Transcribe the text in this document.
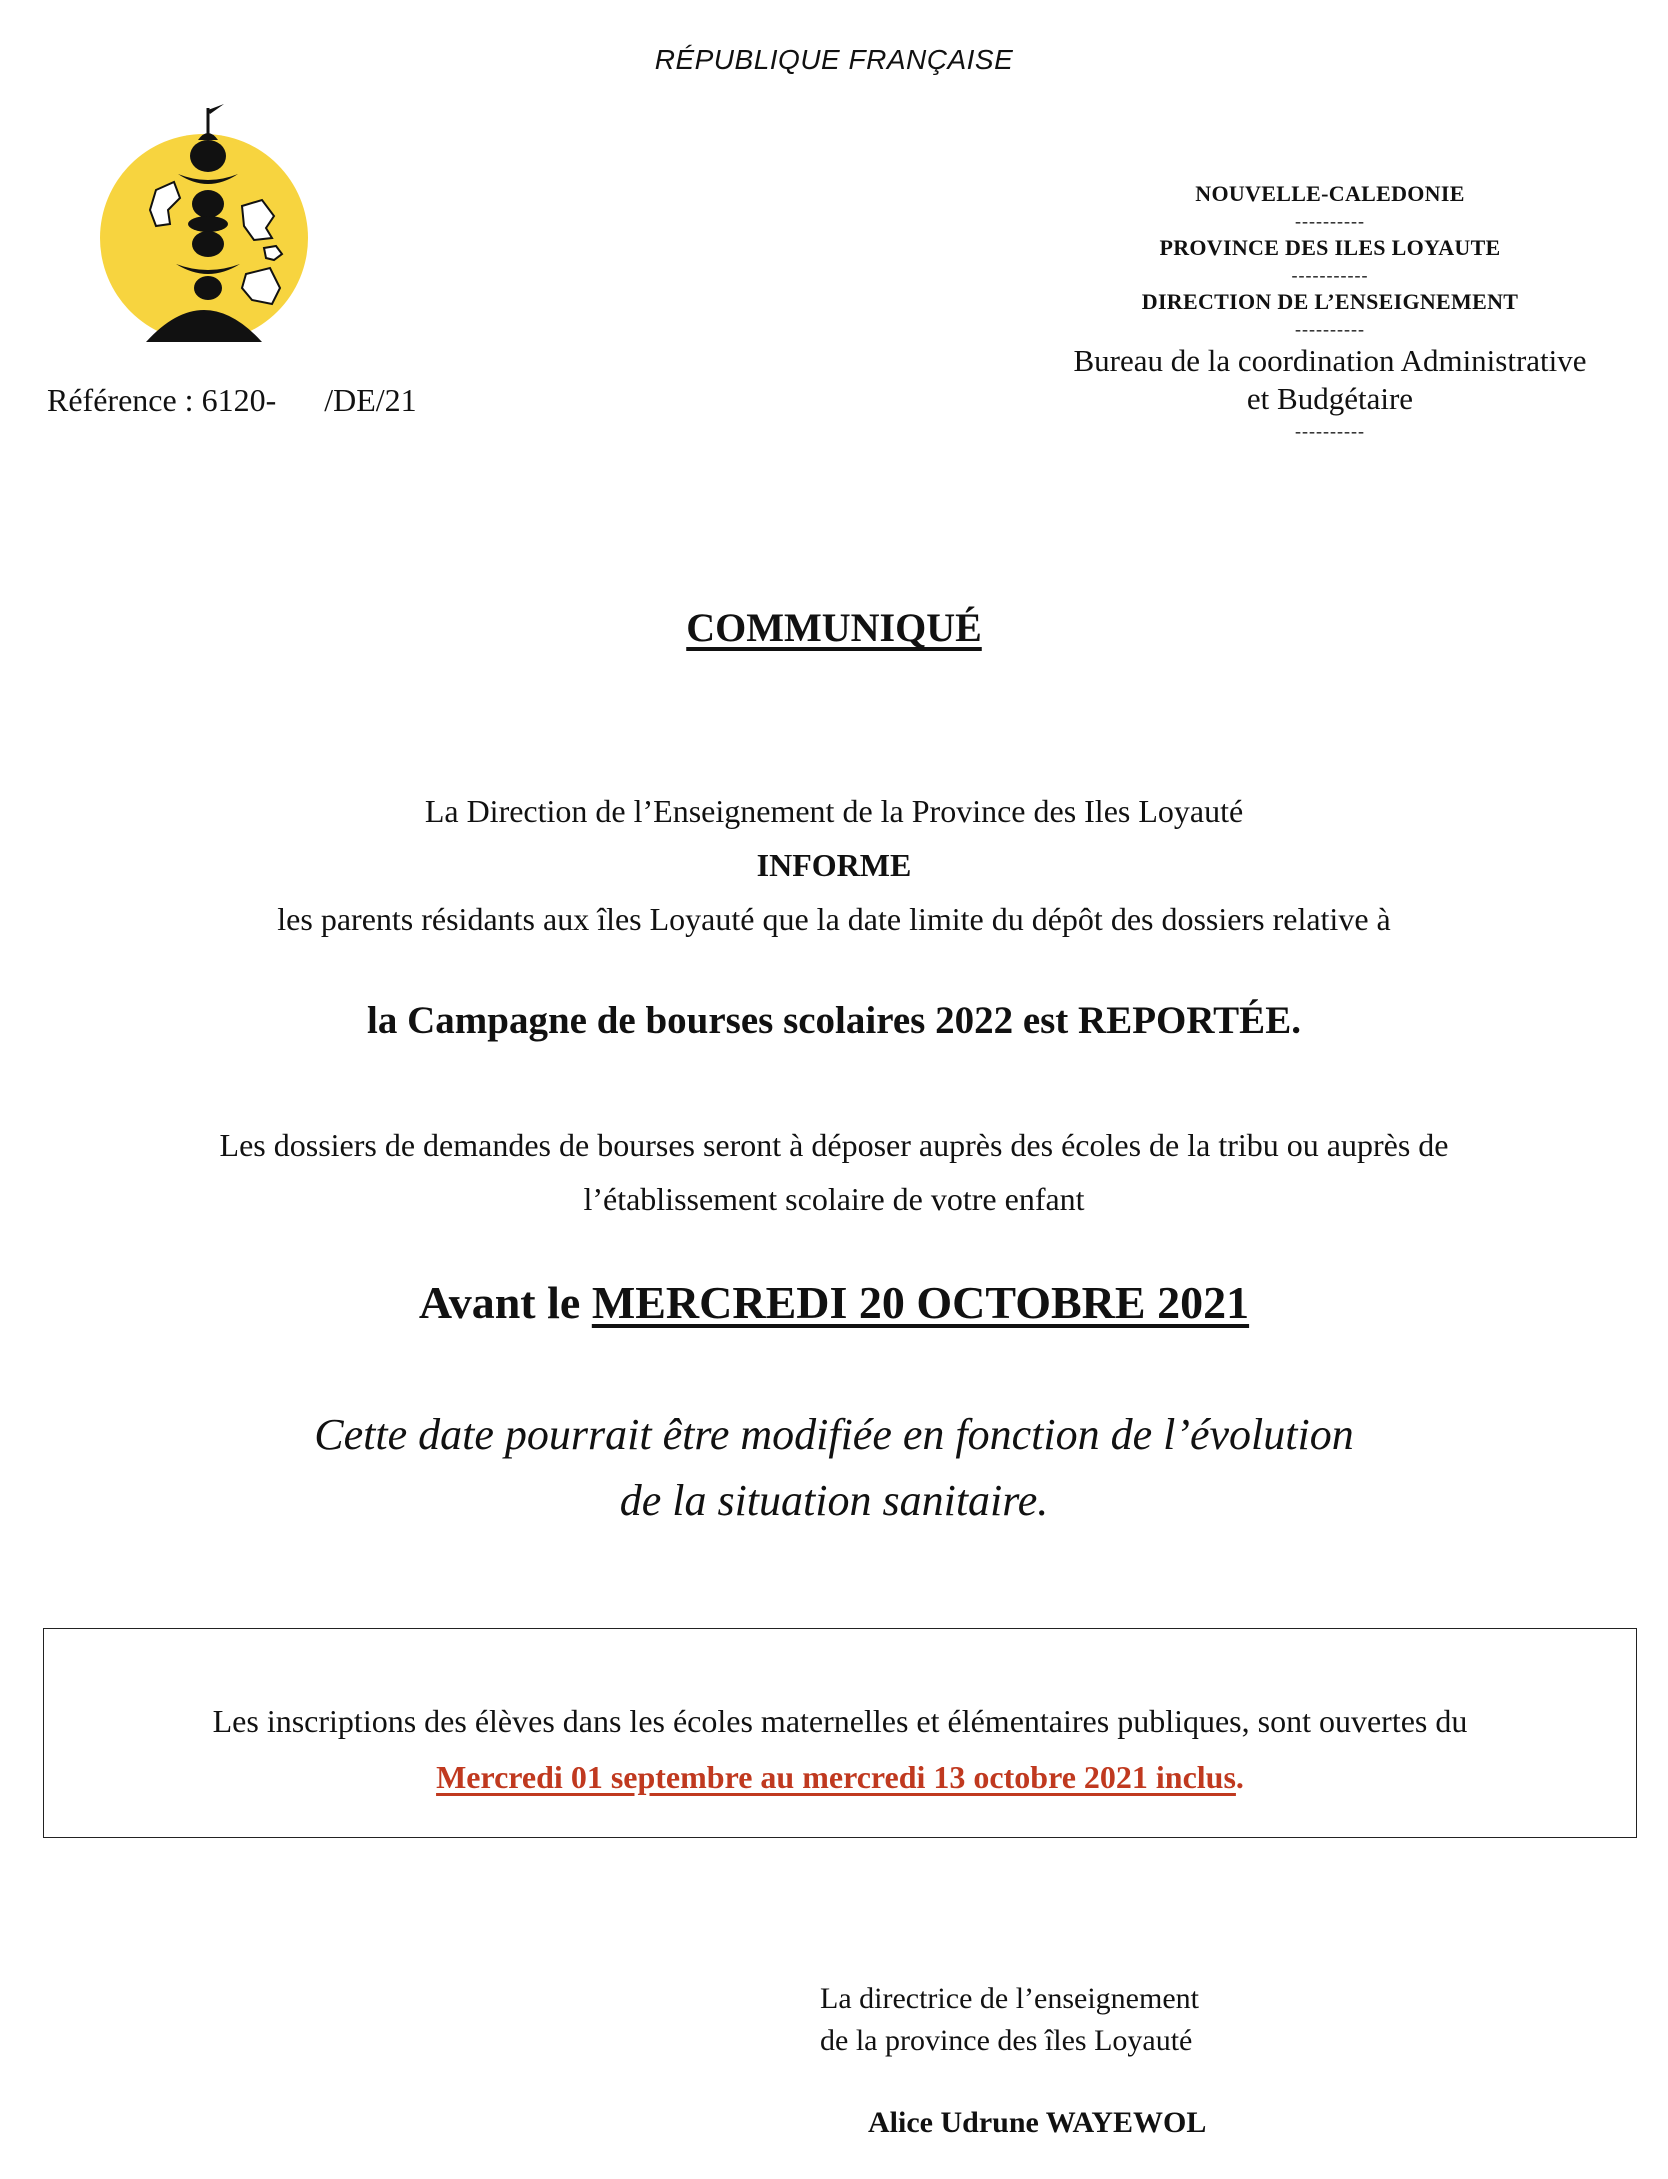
RÉPUBLIQUE FRANÇAISE
Référence : 6120-      /DE/21
NOUVELLE-CALEDONIE
----------
PROVINCE DES ILES LOYAUTE
-----------
DIRECTION DE L’ENSEIGNEMENT
----------
Bureau de la coordination Administrative
et Budgétaire
----------
COMMUNIQUÉ
La Direction de l’Enseignement de la Province des Iles Loyauté
INFORME
les parents résidants aux îles Loyauté que la date limite du dépôt des dossiers relative à
la Campagne de bourses scolaires 2022 est REPORTÉE.
Les dossiers de demandes de bourses seront à déposer auprès des écoles de la tribu ou auprès de
l’établissement scolaire de votre enfant
Avant le MERCREDI 20 OCTOBRE 2021
Cette date pourrait être modifiée en fonction de l’évolution
de la situation sanitaire.
Les inscriptions des élèves dans les écoles maternelles et élémentaires publiques, sont ouvertes du
Mercredi 01 septembre au mercredi 13 octobre 2021 inclus.
La directrice de l’enseignement
de la province des îles Loyauté
Alice Udrune WAYEWOL
